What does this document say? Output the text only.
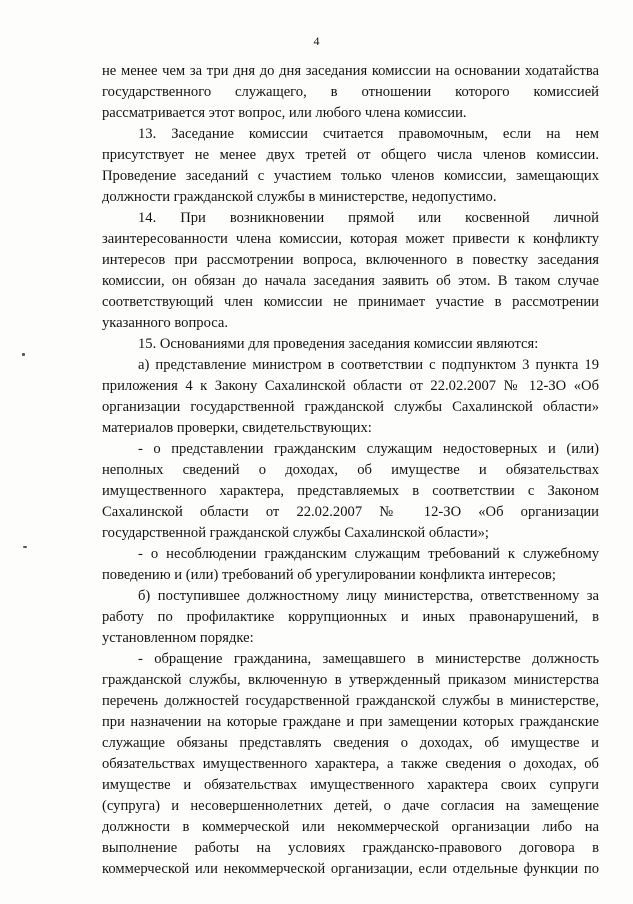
4
не менее чем за три дня до дня заседания комиссии на основании ходатайства
государственного служащего, в отношении которого комиссией
рассматривается этот вопрос, или любого члена комиссии.
13. Заседание комиссии считается правомочным, если на нем
присутствует не менее двух третей от общего числа членов комиссии.
Проведение заседаний с участием только членов комиссии, замещающих
должности гражданской службы в министерстве, недопустимо.
14. При возникновении прямой или косвенной личной
заинтересованности члена комиссии, которая может привести к конфликту
интересов при рассмотрении вопроса, включенного в повестку заседания
комиссии, он обязан до начала заседания заявить об этом. В таком случае
соответствующий член комиссии не принимает участие в рассмотрении
указанного вопроса.
15. Основаниями для проведения заседания комиссии являются:
а) представление министром в соответствии с подпунктом 3 пункта 19
приложения 4 к Закону Сахалинской области от 22.02.2007 № 12-ЗО «Об
организации государственной гражданской службы Сахалинской области»
материалов проверки, свидетельствующих:
- о представлении гражданским служащим недостоверных и (или)
неполных сведений о доходах, об имуществе и обязательствах
имущественного характера, представляемых в соответствии с Законом
Сахалинской области от 22.02.2007 № 12-ЗО «Об организации
государственной гражданской службы Сахалинской области»;
- о несоблюдении гражданским служащим требований к служебному
поведению и (или) требований об урегулировании конфликта интересов;
б) поступившее должностному лицу министерства, ответственному за
работу по профилактике коррупционных и иных правонарушений, в
установленном порядке:
- обращение гражданина, замещавшего в министерстве должность
гражданской службы, включенную в утвержденный приказом министерства
перечень должностей государственной гражданской службы в министерстве,
при назначении на которые граждане и при замещении которых гражданские
служащие обязаны представлять сведения о доходах, об имуществе и
обязательствах имущественного характера, а также сведения о доходах, об
имуществе и обязательствах имущественного характера своих супруги
(супруга) и несовершеннолетних детей, о даче согласия на замещение
должности в коммерческой или некоммерческой организации либо на
выполнение работы на условиях гражданско-правового договора в
коммерческой или некоммерческой организации, если отдельные функции по
